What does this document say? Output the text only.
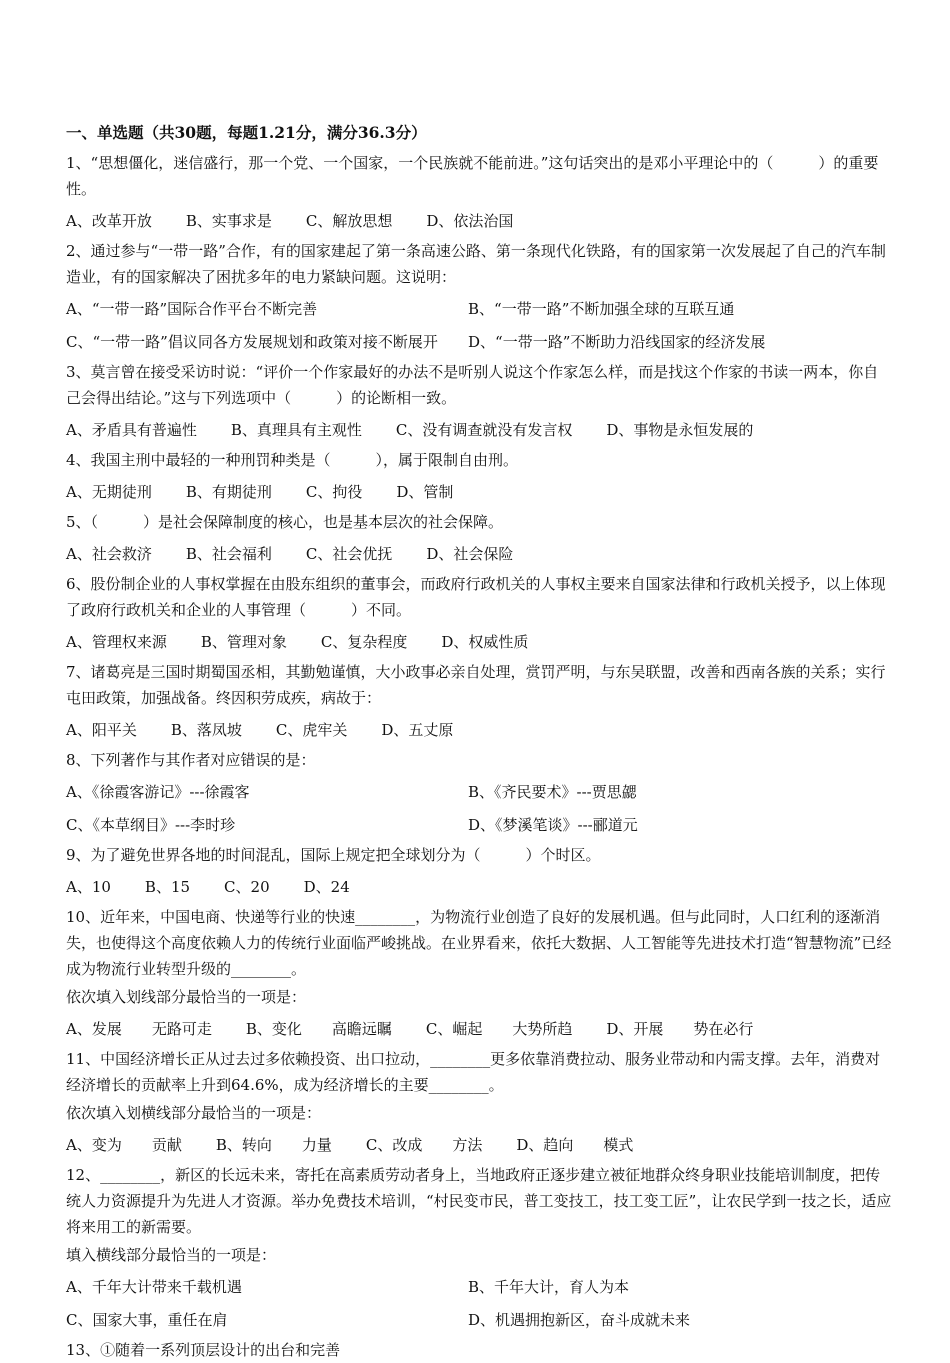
一、单选题（共30题，每题1.21分，满分36.3分）

1、“思想僵化，迷信盛行，那一个党、一个国家，一个民族就不能前进。”这句话突出的是邓小平理论中的（　　　）的重要性。

A、改革开放 B、实事求是 C、解放思想 D、依法治国

2、通过参与“一带一路”合作，有的国家建起了第一条高速公路、第一条现代化铁路，有的国家第一次发展起了自己的汽车制造业，有的国家解决了困扰多年的电力紧缺问题。这说明：

A、“一带一路”国际合作平台不断完善	B、“一带一路”不断加强全球的互联互通
C、“一带一路”倡议同各方发展规划和政策对接不断展开	D、“一带一路”不断助力沿线国家的经济发展

3、莫言曾在接受采访时说：“评价一个作家最好的办法不是听别人说这个作家怎么样，而是找这个作家的书读一两本，你自己会得出结论。”这与下列选项中（　　　）的论断相一致。

A、矛盾具有普遍性 B、真理具有主观性 C、没有调查就没有发言权 D、事物是永恒发展的

4、我国主刑中最轻的一种刑罚种类是（　　　），属于限制自由刑。

A、无期徒刑 B、有期徒刑 C、拘役 D、管制

5、（　　　）是社会保障制度的核心，也是基本层次的社会保障。

A、社会救济 B、社会福利 C、社会优抚 D、社会保险

6、股份制企业的人事权掌握在由股东组织的董事会，而政府行政机关的人事权主要来自国家法律和行政机关授予，以上体现了政府行政机关和企业的人事管理（　　　）不同。

A、管理权来源 B、管理对象 C、复杂程度 D、权威性质

7、诸葛亮是三国时期蜀国丞相，其勤勉谨慎，大小政事必亲自处理，赏罚严明，与东吴联盟，改善和西南各族的关系；实行屯田政策，加强战备。终因积劳成疾，病故于：

A、阳平关 B、落凤坡 C、虎牢关 D、五丈原

8、下列著作与其作者对应错误的是：

A、《徐霞客游记》---徐霞客	B、《齐民要术》---贾思勰
C、《本草纲目》---李时珍	D、《梦溪笔谈》---郦道元

9、为了避免世界各地的时间混乱，国际上规定把全球划分为（　　　）个时区。

A、10 B、15 C、20 D、24

10、近年来，中国电商、快递等行业的快速________，为物流行业创造了良好的发展机遇。但与此同时，人口红利的逐渐消失，也使得这个高度依赖人力的传统行业面临严峻挑战。在业界看来，依托大数据、人工智能等先进技术打造“智慧物流”已经成为物流行业转型升级的________。

依次填入划线部分最恰当的一项是：

A、发展　　无路可走 B、变化　　高瞻远瞩 C、崛起　　大势所趋 D、开展　　势在必行

11、中国经济增长正从过去过多依赖投资、出口拉动，________更多依靠消费拉动、服务业带动和内需支撑。去年，消费对经济增长的贡献率上升到64.6%，成为经济增长的主要________。

依次填入划横线部分最恰当的一项是：

A、变为　　贡献 B、转向　　力量 C、改成　　方法 D、趋向　　模式

12、________，新区的长远未来，寄托在高素质劳动者身上，当地政府正逐步建立被征地群众终身职业技能培训制度，把传统人力资源提升为先进人才资源。举办免费技术培训，“村民变市民，普工变技工，技工变工匠”，让农民学到一技之长，适应将来用工的新需要。

填入横线部分最恰当的一项是：

A、千年大计带来千载机遇	B、千年大计，育人为本
C、国家大事，重任在肩	D、机遇拥抱新区，奋斗成就未来

13、①随着一系列顶层设计的出台和完善
